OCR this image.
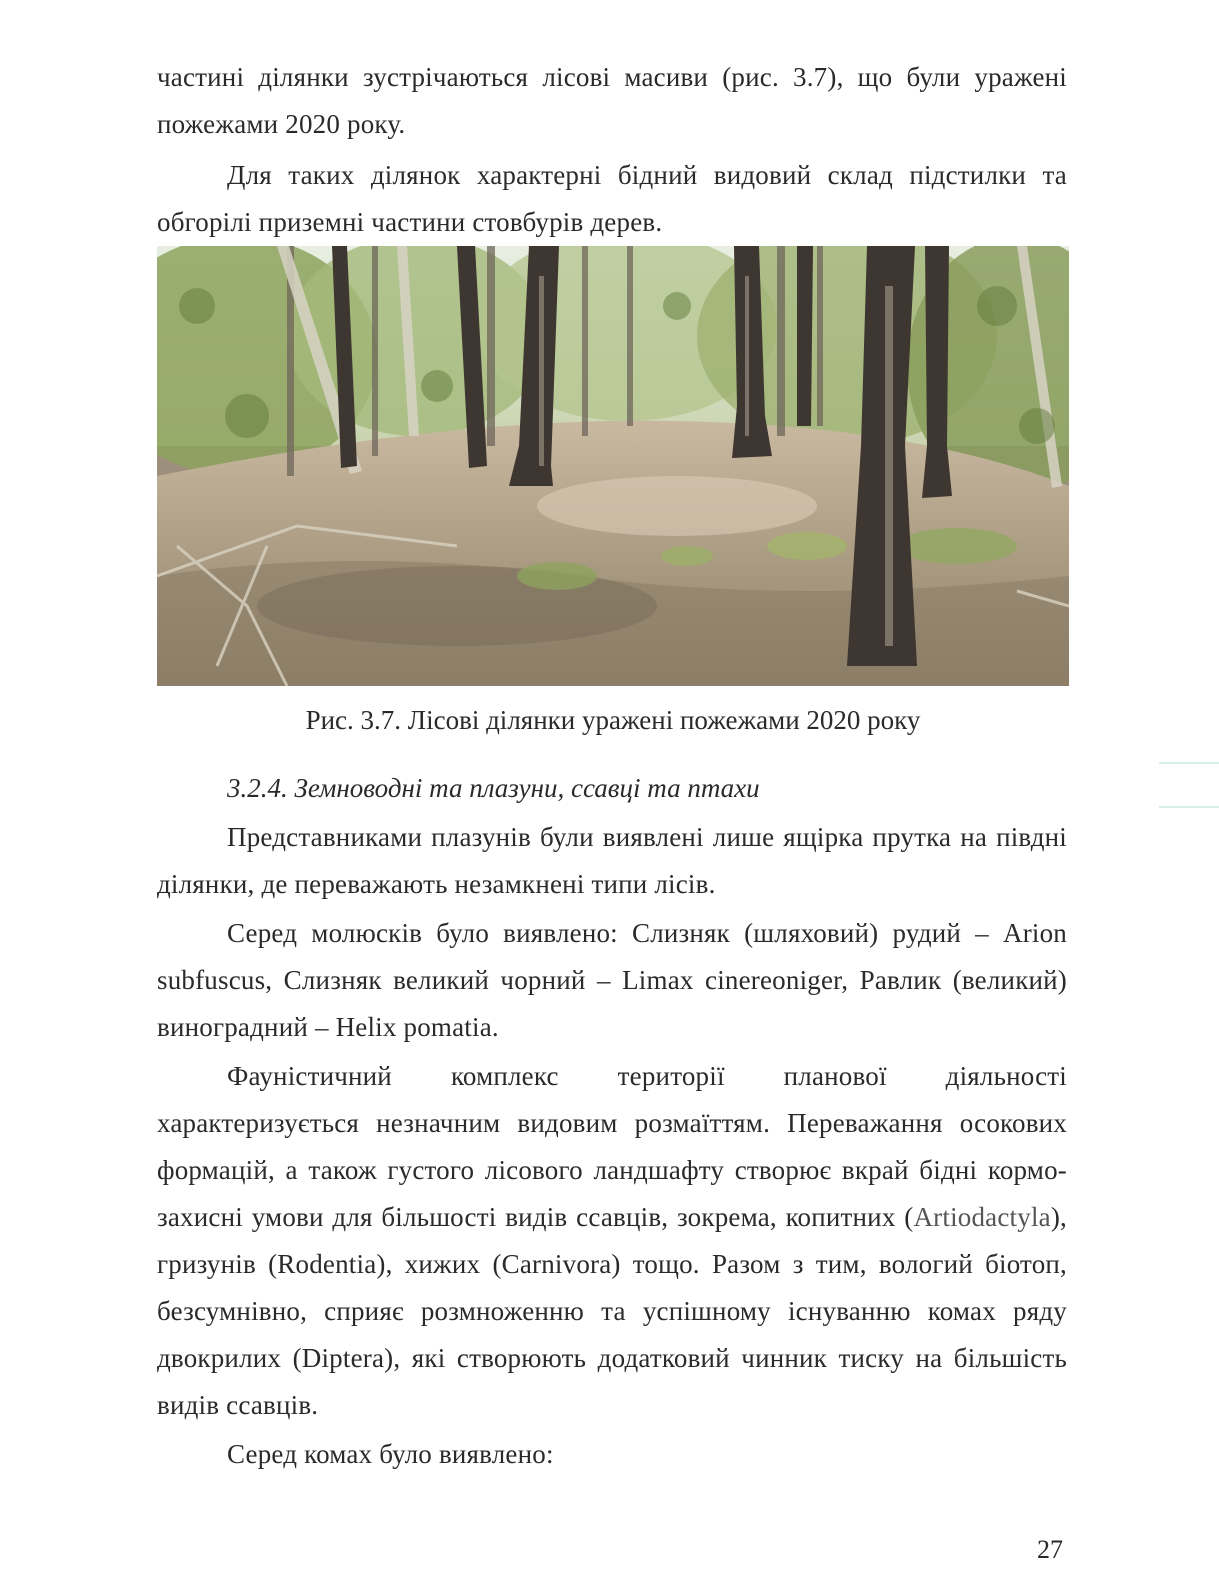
частині ділянки зустрічаються лісові масиви (рис. 3.7), що були уражені пожежами 2020 року.

Для таких ділянок характерні бідний видовий склад підстилки та обгорілі приземні частини стовбурів дерев.

Рис. 3.7. Лісові ділянки уражені пожежами 2020 року
3.2.4. Земноводні та плазуни, ссавці та птахи

Представниками плазунів були виявлені лише ящірка прутка на півдні ділянки, де переважають незамкнені типи лісів.

Серед молюсків було виявлено: Слизняк (шляховий) рудий – Arion subfuscus, Слизняк великий чорний – Limax cinereoniger, Равлик (великий) виноградний – Helix pomatia.

Фауністичний комплекс території планової діяльності характеризується незначним видовим розмаїттям. Переважання осокових формацій, а також густого лісового ландшафту створює вкрай бідні кормо-захисні умови для більшості видів ссавців, зокрема, копитних (Artiodactyla), гризунів (Rodentia), хижих (Carnivora) тощо. Разом з тим, вологий біотоп, безсумнівно, сприяє розмноженню та успішному існуванню комах ряду двокрилих (Diptera), які створюють додатковий чинник тиску на більшість видів ссавців.

Серед комах було виявлено:

27
